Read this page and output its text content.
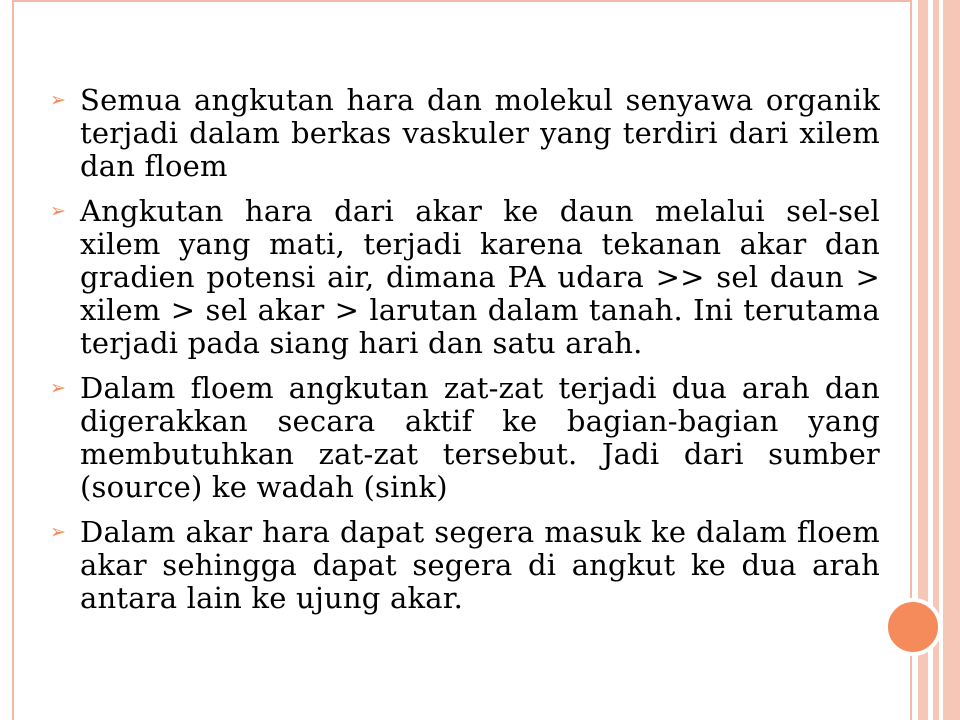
➢ Semua angkutan hara dan molekul senyawa organik terjadi dalam berkas vaskuler yang terdiri dari xilem dan floem
➢ Angkutan hara dari akar ke daun melalui sel-sel xilem yang mati, terjadi karena tekanan akar dan gradien potensi air, dimana PA udara >> sel daun > xilem > sel akar > larutan dalam tanah. Ini terutama terjadi pada siang hari dan satu arah.
➢ Dalam floem angkutan zat-zat terjadi dua arah dan digerakkan secara aktif ke bagian-bagian yang membutuhkan zat-zat tersebut. Jadi dari sumber (source) ke wadah (sink)
➢ Dalam akar hara dapat segera masuk ke dalam floem akar sehingga dapat segera di angkut ke dua arah antara lain ke ujung akar.
